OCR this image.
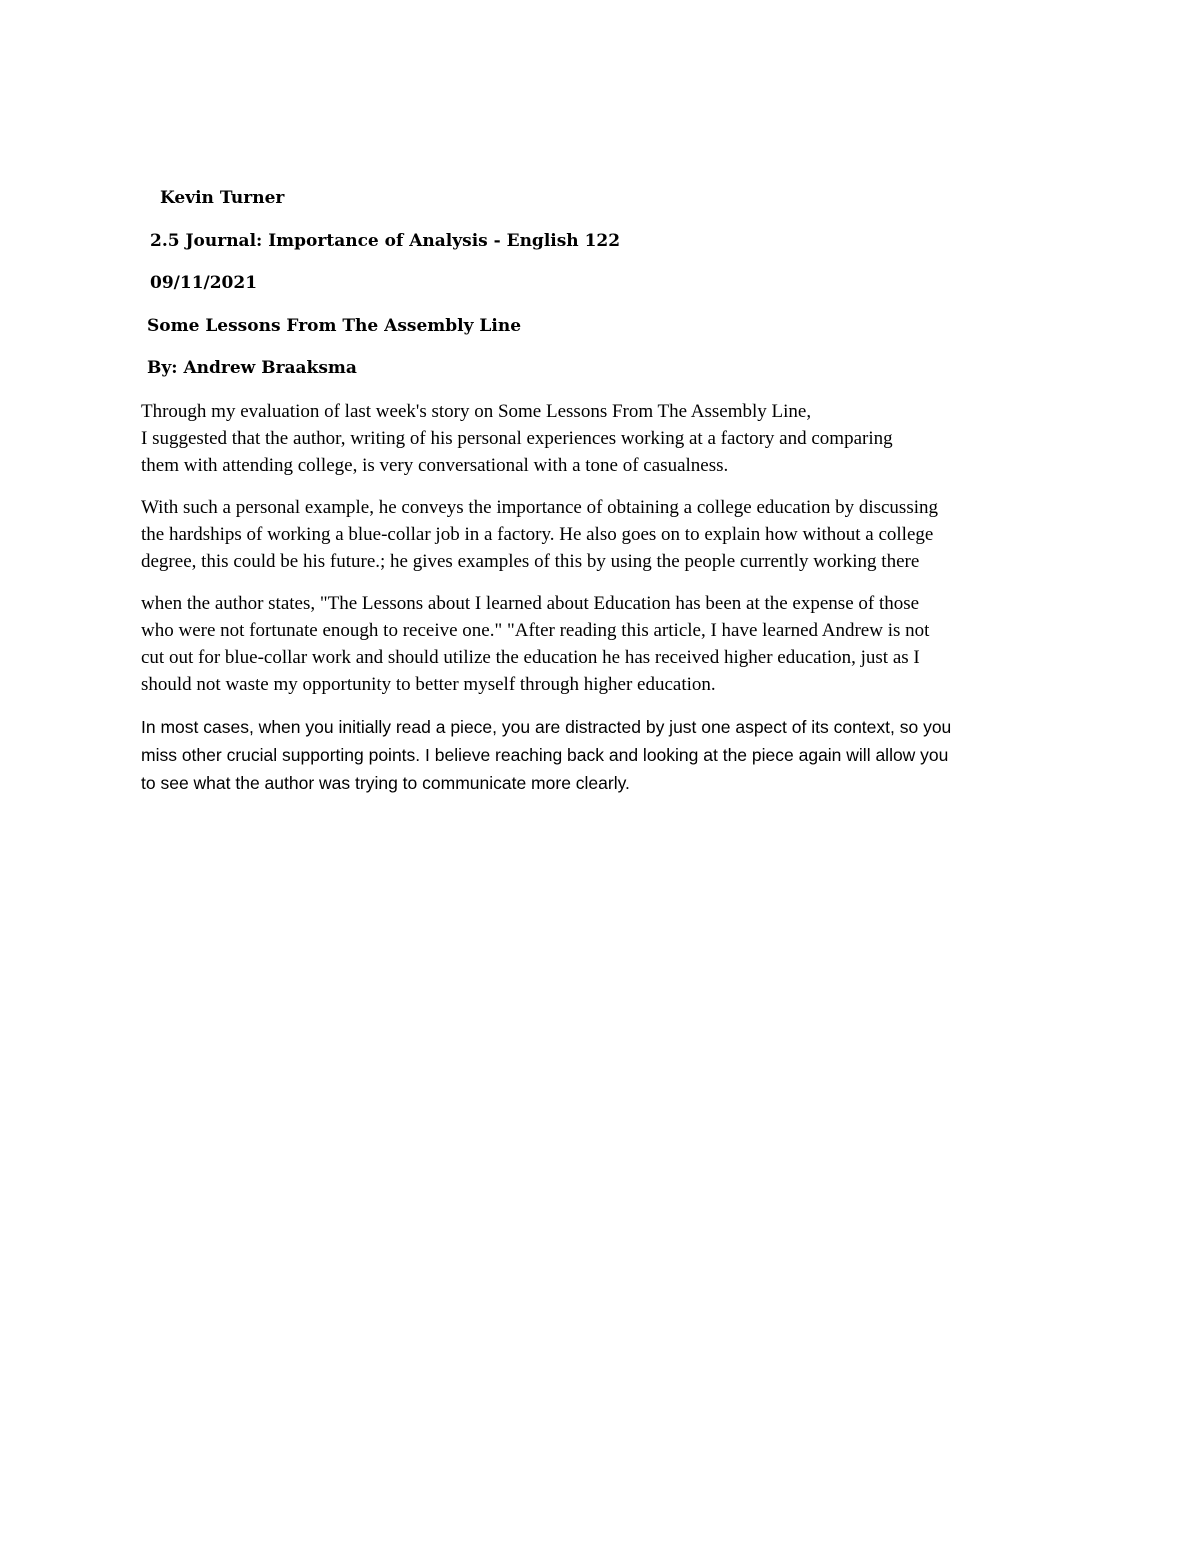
Kevin Turner

2.5 Journal: Importance of Analysis - English 122

09/11/2021

Some Lessons From The Assembly Line

By: Andrew Braaksma

Through my evaluation of last week's story on Some Lessons From The Assembly Line,
I suggested that the author, writing of his personal experiences working at a factory and comparing
them with attending college, is very conversational with a tone of casualness.
With such a personal example, he conveys the importance of obtaining a college education by discussing
the hardships of working a blue-collar job in a factory. He also goes on to explain how without a college
degree, this could be his future.; he gives examples of this by using the people currently working there
when the author states, "The Lessons about I learned about Education has been at the expense of those
who were not fortunate enough to receive one." "After reading this article, I have learned Andrew is not
cut out for blue-collar work and should utilize the education he has received higher education, just as I
should not waste my opportunity to better myself through higher education.
In most cases, when you initially read a piece, you are distracted by just one aspect of its context, so you
miss other crucial supporting points. I believe reaching back and looking at the piece again will allow you
to see what the author was trying to communicate more clearly.
